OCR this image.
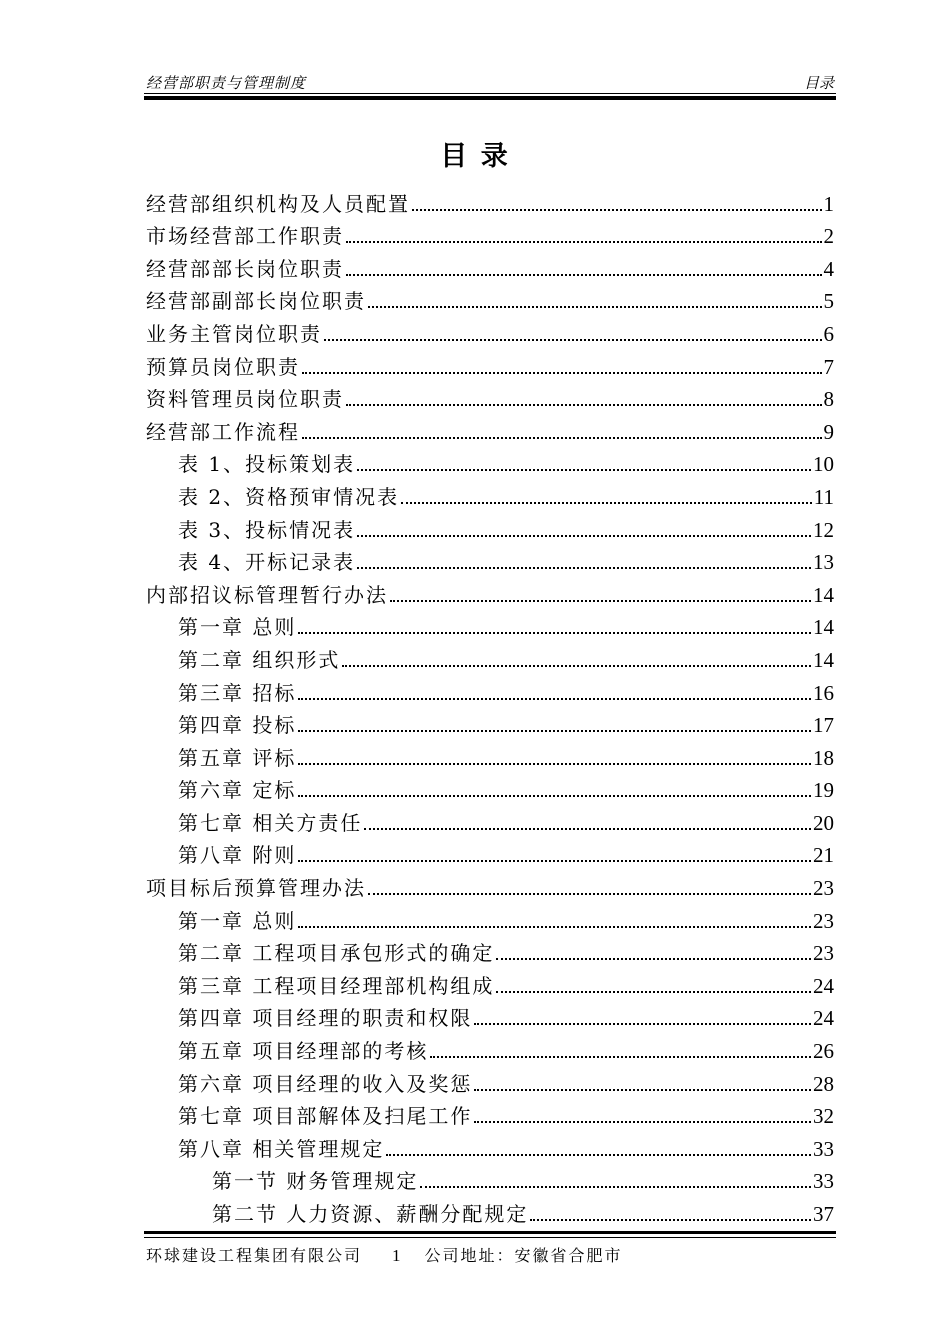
经营部职责与管理制度	目录
目 录
经营部组织机构及人员配置	1
市场经营部工作职责	2
经营部部长岗位职责	4
经营部副部长岗位职责	5
业务主管岗位职责	6
预算员岗位职责	7
资料管理员岗位职责	8
经营部工作流程	9
表 1、投标策划表	10
表 2、资格预审情况表	11
表 3、投标情况表	12
表 4、开标记录表	13
内部招议标管理暂行办法	14
第一章 总则	14
第二章 组织形式	14
第三章 招标	16
第四章 投标	17
第五章 评标	18
第六章 定标	19
第七章 相关方责任	20
第八章 附则	21
项目标后预算管理办法	23
第一章 总则	23
第二章 工程项目承包形式的确定	23
第三章 工程项目经理部机构组成	24
第四章 项目经理的职责和权限	24
第五章 项目经理部的考核	26
第六章 项目经理的收入及奖惩	28
第七章 项目部解体及扫尾工作	32
第八章 相关管理规定	33
第一节 财务管理规定	33
第二节 人力资源、薪酬分配规定	37
环球建设工程集团有限公司 1 公司地址：安徽省合肥市
